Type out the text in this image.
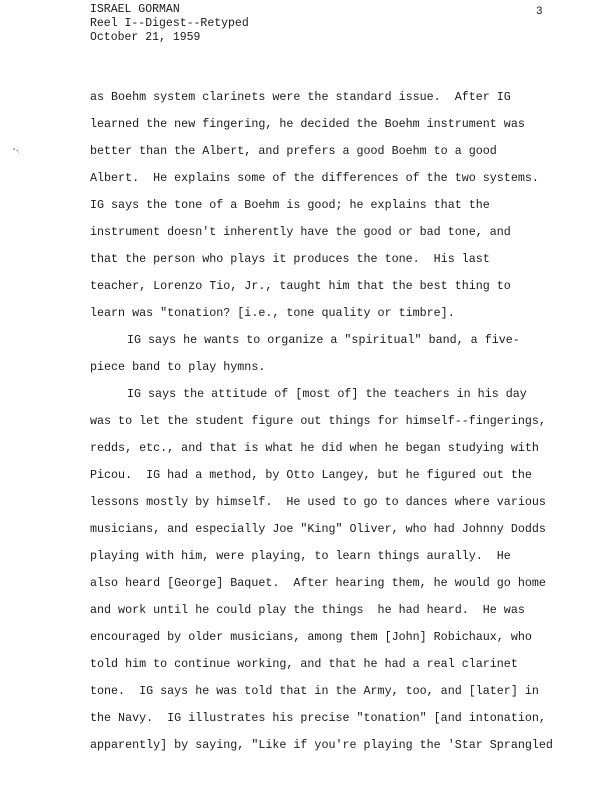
ISRAEL GORMAN
Reel I--Digest--Retyped
October 21, 1959
3
as Boehm system clarinets were the standard issue.  After IG
learned the new fingering, he decided the Boehm instrument was
better than the Albert, and prefers a good Boehm to a good
Albert.  He explains some of the differences of the two systems.
IG says the tone of a Boehm is good; he explains that the
instrument doesn't inherently have the good or bad tone, and
that the person who plays it produces the tone.  His last
teacher, Lorenzo Tio, Jr., taught him that the best thing to
learn was "tonation? [i.e., tone quality or timbre].
IG says he wants to organize a "spiritual" band, a five-
piece band to play hymns.
IG says the attitude of [most of] the teachers in his day
was to let the student figure out things for himself--fingerings,
redds, etc., and that is what he did when he began studying with
Picou.  IG had a method, by Otto Langey, but he figured out the
lessons mostly by himself.  He used to go to dances where various
musicians, and especially Joe "King" Oliver, who had Johnny Dodds
playing with him, were playing, to learn things aurally.  He
also heard [George] Baquet.  After hearing them, he would go home
and work until he could play the things  he had heard.  He was
encouraged by older musicians, among them [John] Robichaux, who
told him to continue working, and that he had a real clarinet
tone.  IG says he was told that in the Army, too, and [later] in
the Navy.  IG illustrates his precise "tonation" [and intonation,
apparently] by saying, "Like if you're playing the 'Star Sprangled
